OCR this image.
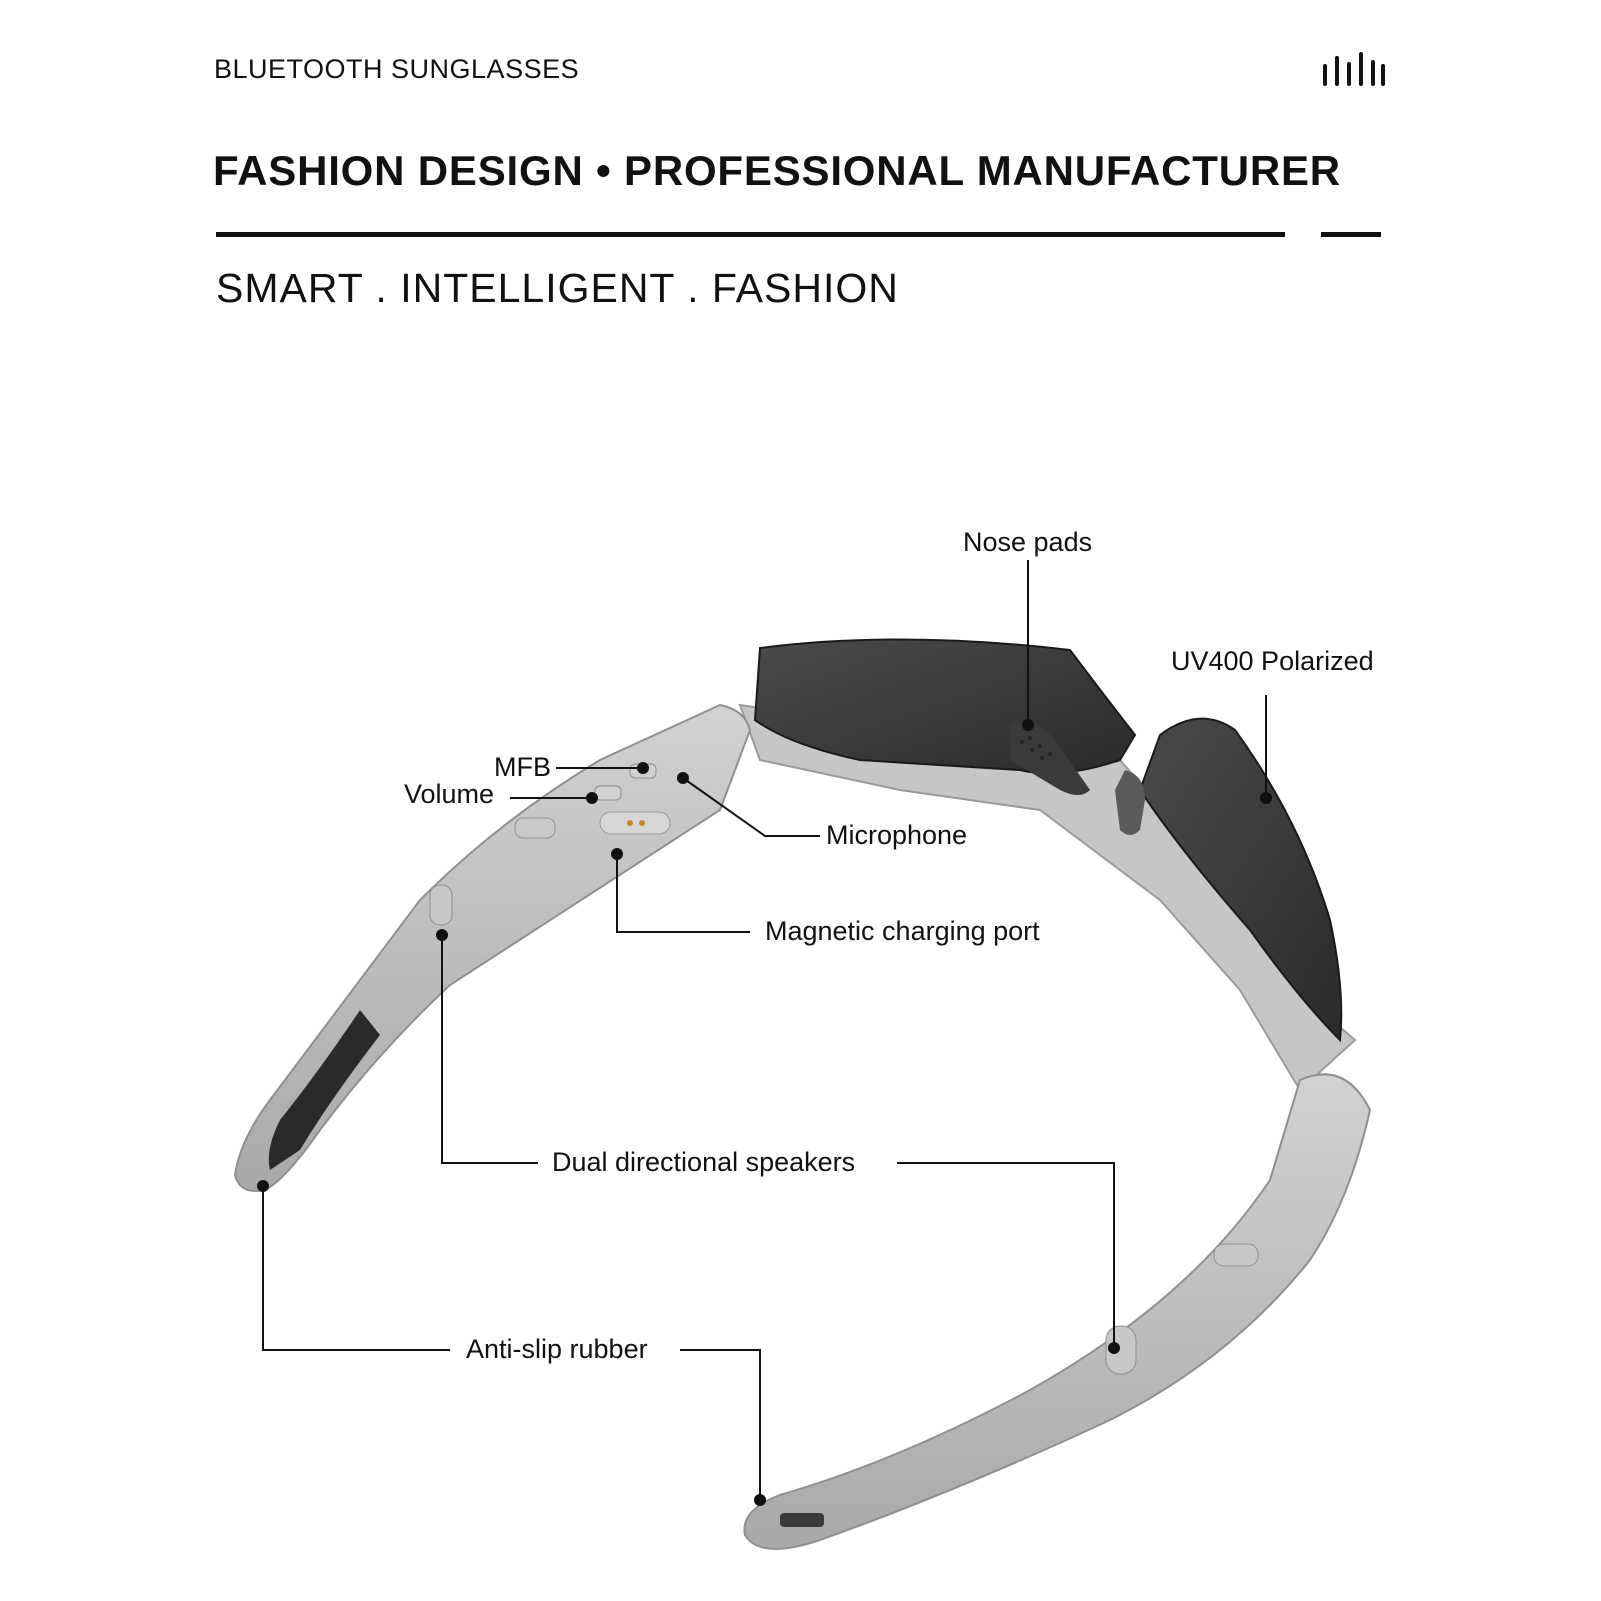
BLUETOOTH SUNGLASSES
FASHION DESIGN • PROFESSIONAL MANUFACTURER
SMART . INTELLIGENT . FASHION
Nose pads
UV400 Polarized
MFB
Volume
Microphone
Magnetic charging port
Dual directional speakers
Anti-slip rubber
